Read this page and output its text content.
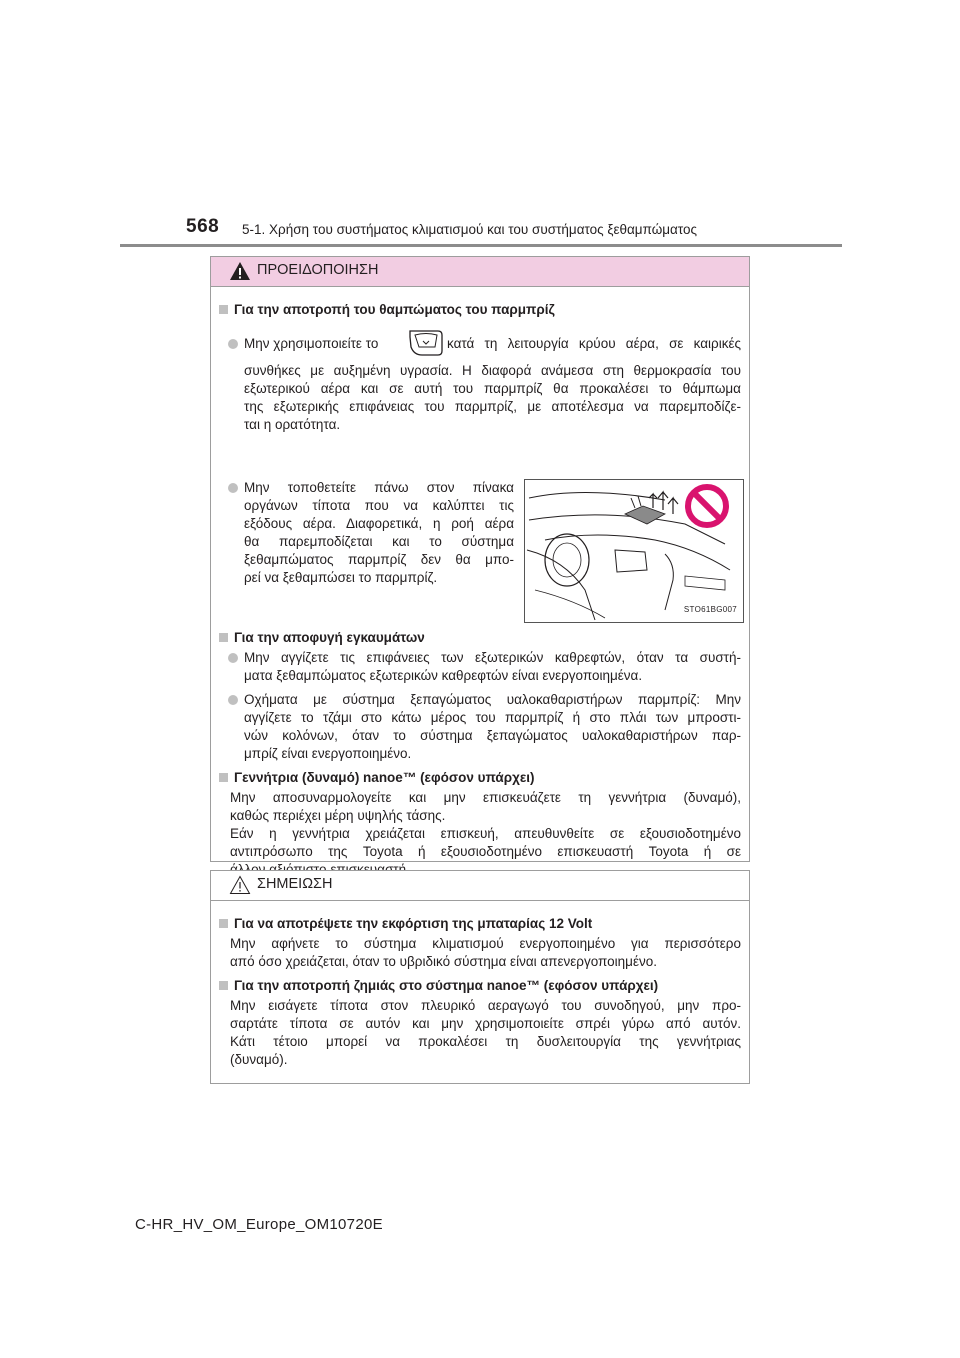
568 5-1. Χρήση του συστήματος κλιματισμού και του συστήματος ξεθαμπώματος
ΠΡΟΕΙΔΟΠΟΙΗΣΗ
Για την αποτροπή του θαμπώματος του παρμπρίζ
Μην χρησιμοποιείτε το	κατά τη λειτουργία κρύου αέρα, σε καιρικές
συνθήκες με αυξημένη υγρασία. Η διαφορά ανάμεσα στη θερμοκρασία του
εξωτερικού αέρα και σε αυτή του παρμπρίζ θα προκαλέσει το θάμπωμα
της εξωτερικής επιφάνειας του παρμπρίζ, με αποτέλεσμα να παρεμποδίζε-
ται η ορατότητα.
Μην τοποθετείτε πάνω στον πίνακα
οργάνων τίποτα που να καλύπτει τις
εξόδους αέρα. Διαφορετικά, η ροή αέρα
θα παρεμποδίζεται και το σύστημα
ξεθαμπώματος παρμπρίζ δεν θα μπο-
ρεί να ξεθαμπώσει το παρμπρίζ.
STO61BG007
Για την αποφυγή εγκαυμάτων
Μην αγγίζετε τις επιφάνειες των εξωτερικών καθρεφτών, όταν τα συστή-
ματα ξεθαμπώματος εξωτερικών καθρεφτών είναι ενεργοποιημένα.
Οχήματα με σύστημα ξεπαγώματος υαλοκαθαριστήρων παρμπρίζ: Μην
αγγίζετε το τζάμι στο κάτω μέρος του παρμπρίζ ή στο πλάι των μπροστι-
νών κολόνων, όταν το σύστημα ξεπαγώματος υαλοκαθαριστήρων παρ-
μπρίζ είναι ενεργοποιημένο.
Γεννήτρια (δυναμό) nanoe™ (εφόσον υπάρχει)
Μην αποσυναρμολογείτε και μην επισκευάζετε τη γεννήτρια (δυναμό),
καθώς περιέχει μέρη υψηλής τάσης.
Εάν η γεννήτρια χρειάζεται επισκευή, απευθυνθείτε σε εξουσιοδοτημένο
αντιπρόσωπο της Toyota ή εξουσιοδοτημένο επισκευαστή Toyota ή σε
ΣΗΜΕΙΩΣΗ
Για να αποτρέψετε την εκφόρτιση της μπαταρίας 12 Volt
Μην αφήνετε το σύστημα κλιματισμού ενεργοποιημένο για περισσότερο
από όσο χρειάζεται, όταν το υβριδικό σύστημα είναι απενεργοποιημένο.
Για την αποτροπή ζημιάς στο σύστημα nanoe™ (εφόσον υπάρχει)
Μην εισάγετε τίποτα στον πλευρικό αεραγωγό του συνοδηγού, μην προ-
σαρτάτε τίποτα σε αυτόν και μην χρησιμοποιείτε σπρέι γύρω από αυτόν.
Κάτι τέτοιο μπορεί να προκαλέσει τη δυσλειτουργία της γεννήτριας
(δυναμό).
C-HR_HV_OM_Europe_OM10720E
